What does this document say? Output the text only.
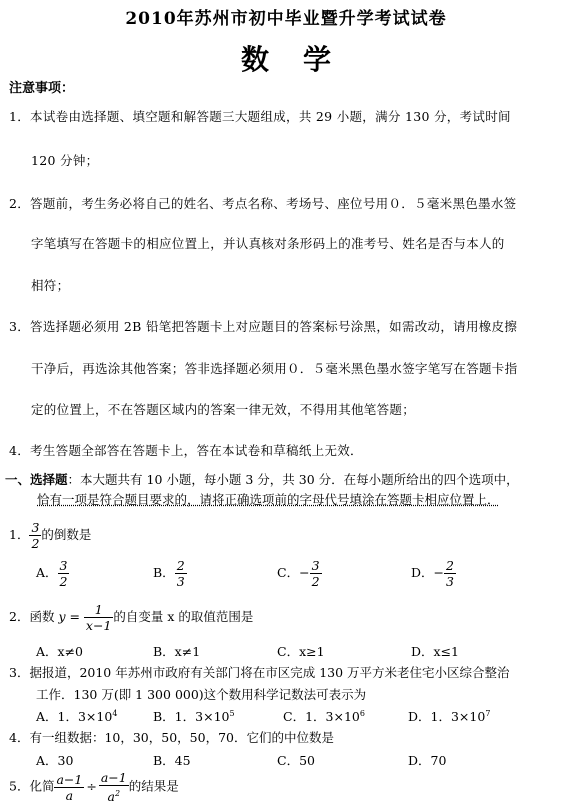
2010年苏州市初中毕业暨升学考试试卷
数学
注意事项：
1．本试卷由选择题、填空题和解答题三大题组成，共 29 小题，满分 130 分，考试时间
120 分钟；
2．答题前，考生务必将自己的姓名、考点名称、考场号、座位号用０．５毫米黑色墨水签
字笔填写在答题卡的相应位置上，并认真核对条形码上的准考号、姓名是否与本人的
相符；
3．答选择题必须用 2B 铅笔把答题卡上对应题目的答案标号涂黑，如需改动，请用橡皮擦
干净后，再选涂其他答案；答非选择题必须用０．５毫米黑色墨水签字笔写在答题卡指
定的位置上，不在答题区域内的答案一律无效，不得用其他笔答题；
4．考生答题全部答在答题卡上，答在本试卷和草稿纸上无效．
一、选择题：本大题共有 10 小题，每小题 3 分，共 30 分．在每小题所给出的四个选项中，
恰有一项是符合题目要求的，请将正确选项前的字母代号填涂在答题卡相应位置上．
1． $\frac{3}{2}$ 的倒数是
A． $\frac{3}{2}$	B． $\frac{2}{3}$	C．− $\frac{3}{2}$	D．− $\frac{2}{3}$
2．函数 $y = \frac{1}{x-1}$ 的自变量 x 的取值范围是
A．x≠0	B．x≠1	C．x≥1	D．x≤1
3．据报道，2010 年苏州市政府有关部门将在市区完成 130 万平方米老住宅小区综合整治
工作．130 万(即 1 300 000)这个数用科学记数法可表示为
A．1．$3\times 10^4$	B．1．$3\times 10^5$	C．1．$3\times 10^6$	D．1．$3\times 10^7$
4．有一组数据：10，30，50，50，70．它们的中位数是
A．30	B．45	C．50	D．70
5．化简 $\frac{a-1}{a} \div \frac{a-1}{a^2}$ 的结果是
